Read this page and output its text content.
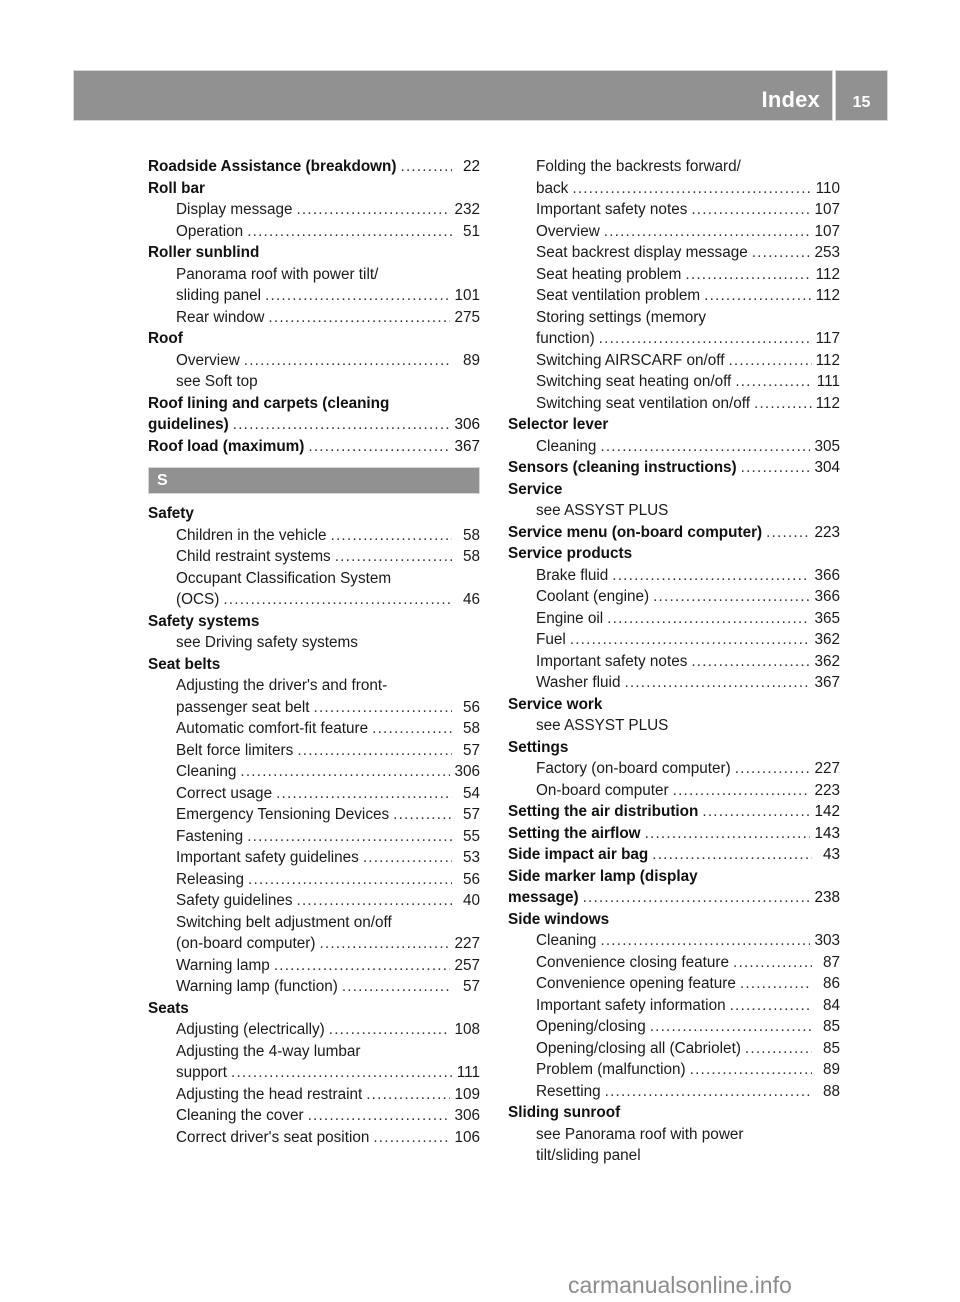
Index	15
Roadside Assistance (breakdown) .....	22
Roll bar
Display message .....	232
Operation .....	51
Roller sunblind
Panorama roof with power tilt/
sliding panel .....	101
Rear window .....	275
Roof
Overview .....	89
see Soft top
Roof lining and carpets (cleaning
guidelines) .....	306
Roof load (maximum) .....	367
S
Safety
Children in the vehicle .....	58
Child restraint systems .....	58
Occupant Classification System
(OCS) .....	46
Safety systems
see Driving safety systems
Seat belts
Adjusting the driver's and front-
passenger seat belt .....	56
Automatic comfort-fit feature .....	58
Belt force limiters .....	57
Cleaning .....	306
Correct usage .....	54
Emergency Tensioning Devices .....	57
Fastening .....	55
Important safety guidelines .....	53
Releasing .....	56
Safety guidelines .....	40
Switching belt adjustment on/off
(on-board computer) .....	227
Warning lamp .....	257
Warning lamp (function) .....	57
Seats
Adjusting (electrically) .....	108
Adjusting the 4-way lumbar
support .....	111
Adjusting the head restraint .....	109
Cleaning the cover .....	306
Correct driver's seat position .....	106
Folding the backrests forward/
back .....	110
Important safety notes .....	107
Overview .....	107
Seat backrest display message .....	253
Seat heating problem .....	112
Seat ventilation problem .....	112
Storing settings (memory
function) .....	117
Switching AIRSCARF on/off .....	112
Switching seat heating on/off .....	111
Switching seat ventilation on/off .....	112
Selector lever
Cleaning .....	305
Sensors (cleaning instructions) .....	304
Service
see ASSYST PLUS
Service menu (on-board computer) .....	223
Service products
Brake fluid .....	366
Coolant (engine) .....	366
Engine oil .....	365
Fuel .....	362
Important safety notes .....	362
Washer fluid .....	367
Service work
see ASSYST PLUS
Settings
Factory (on-board computer) .....	227
On-board computer .....	223
Setting the air distribution .....	142
Setting the airflow .....	143
Side impact air bag .....	43
Side marker lamp (display
message) .....	238
Side windows
Cleaning .....	303
Convenience closing feature .....	87
Convenience opening feature .....	86
Important safety information .....	84
Opening/closing .....	85
Opening/closing all (Cabriolet) .....	85
Problem (malfunction) .....	89
Resetting .....	88
Sliding sunroof
see Panorama roof with power
tilt/sliding panel
carmanualsonline.info
